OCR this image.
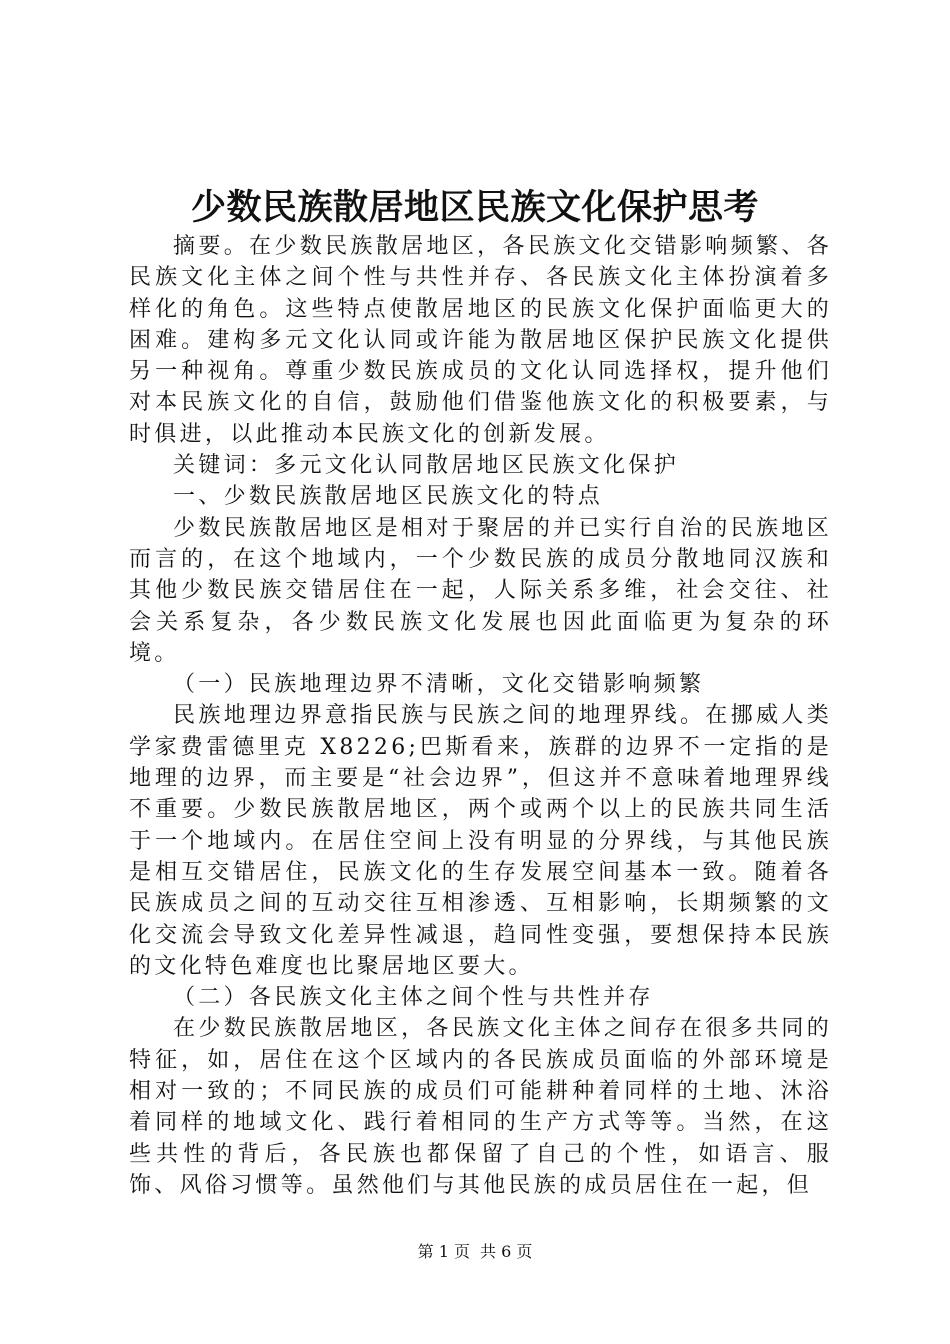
少数民族散居地区民族文化保护思考

摘要。在少数民族散居地区，各民族文化交错影响频繁、各民族文化主体之间个性与共性并存、各民族文化主体扮演着多样化的角色。这些特点使散居地区的民族文化保护面临更大的困难。建构多元文化认同或许能为散居地区保护民族文化提供另一种视角。尊重少数民族成员的文化认同选择权，提升他们对本民族文化的自信，鼓励他们借鉴他族文化的积极要素，与时俱进，以此推动本民族文化的创新发展。

关键词：多元文化认同散居地区民族文化保护

一、少数民族散居地区民族文化的特点

少数民族散居地区是相对于聚居的并已实行自治的民族地区而言的，在这个地域内，一个少数民族的成员分散地同汉族和其他少数民族交错居住在一起，人际关系多维，社会交往、社会关系复杂，各少数民族文化发展也因此面临更为复杂的环境。

（一）民族地理边界不清晰，文化交错影响频繁

民族地理边界意指民族与民族之间的地理界线。在挪威人类学家费雷德里克 X8226;巴斯看来，族群的边界不一定指的是地理的边界，而主要是“社会边界”，但这并不意味着地理界线不重要。少数民族散居地区，两个或两个以上的民族共同生活于一个地域内。在居住空间上没有明显的分界线，与其他民族是相互交错居住，民族文化的生存发展空间基本一致。随着各民族成员之间的互动交往互相渗透、互相影响，长期频繁的文化交流会导致文化差异性减退，趋同性变强，要想保持本民族的文化特色难度也比聚居地区要大。

（二）各民族文化主体之间个性与共性并存

在少数民族散居地区，各民族文化主体之间存在很多共同的特征，如，居住在这个区域内的各民族成员面临的外部环境是相对一致的；不同民族的成员们可能耕种着同样的土地、沐浴着同样的地域文化、践行着相同的生产方式等等。当然，在这些共性的背后，各民族也都保留了自己的个性，如语言、服饰、风俗习惯等。虽然他们与其他民族的成员居住在一起，但

第 1 页 共 6 页
